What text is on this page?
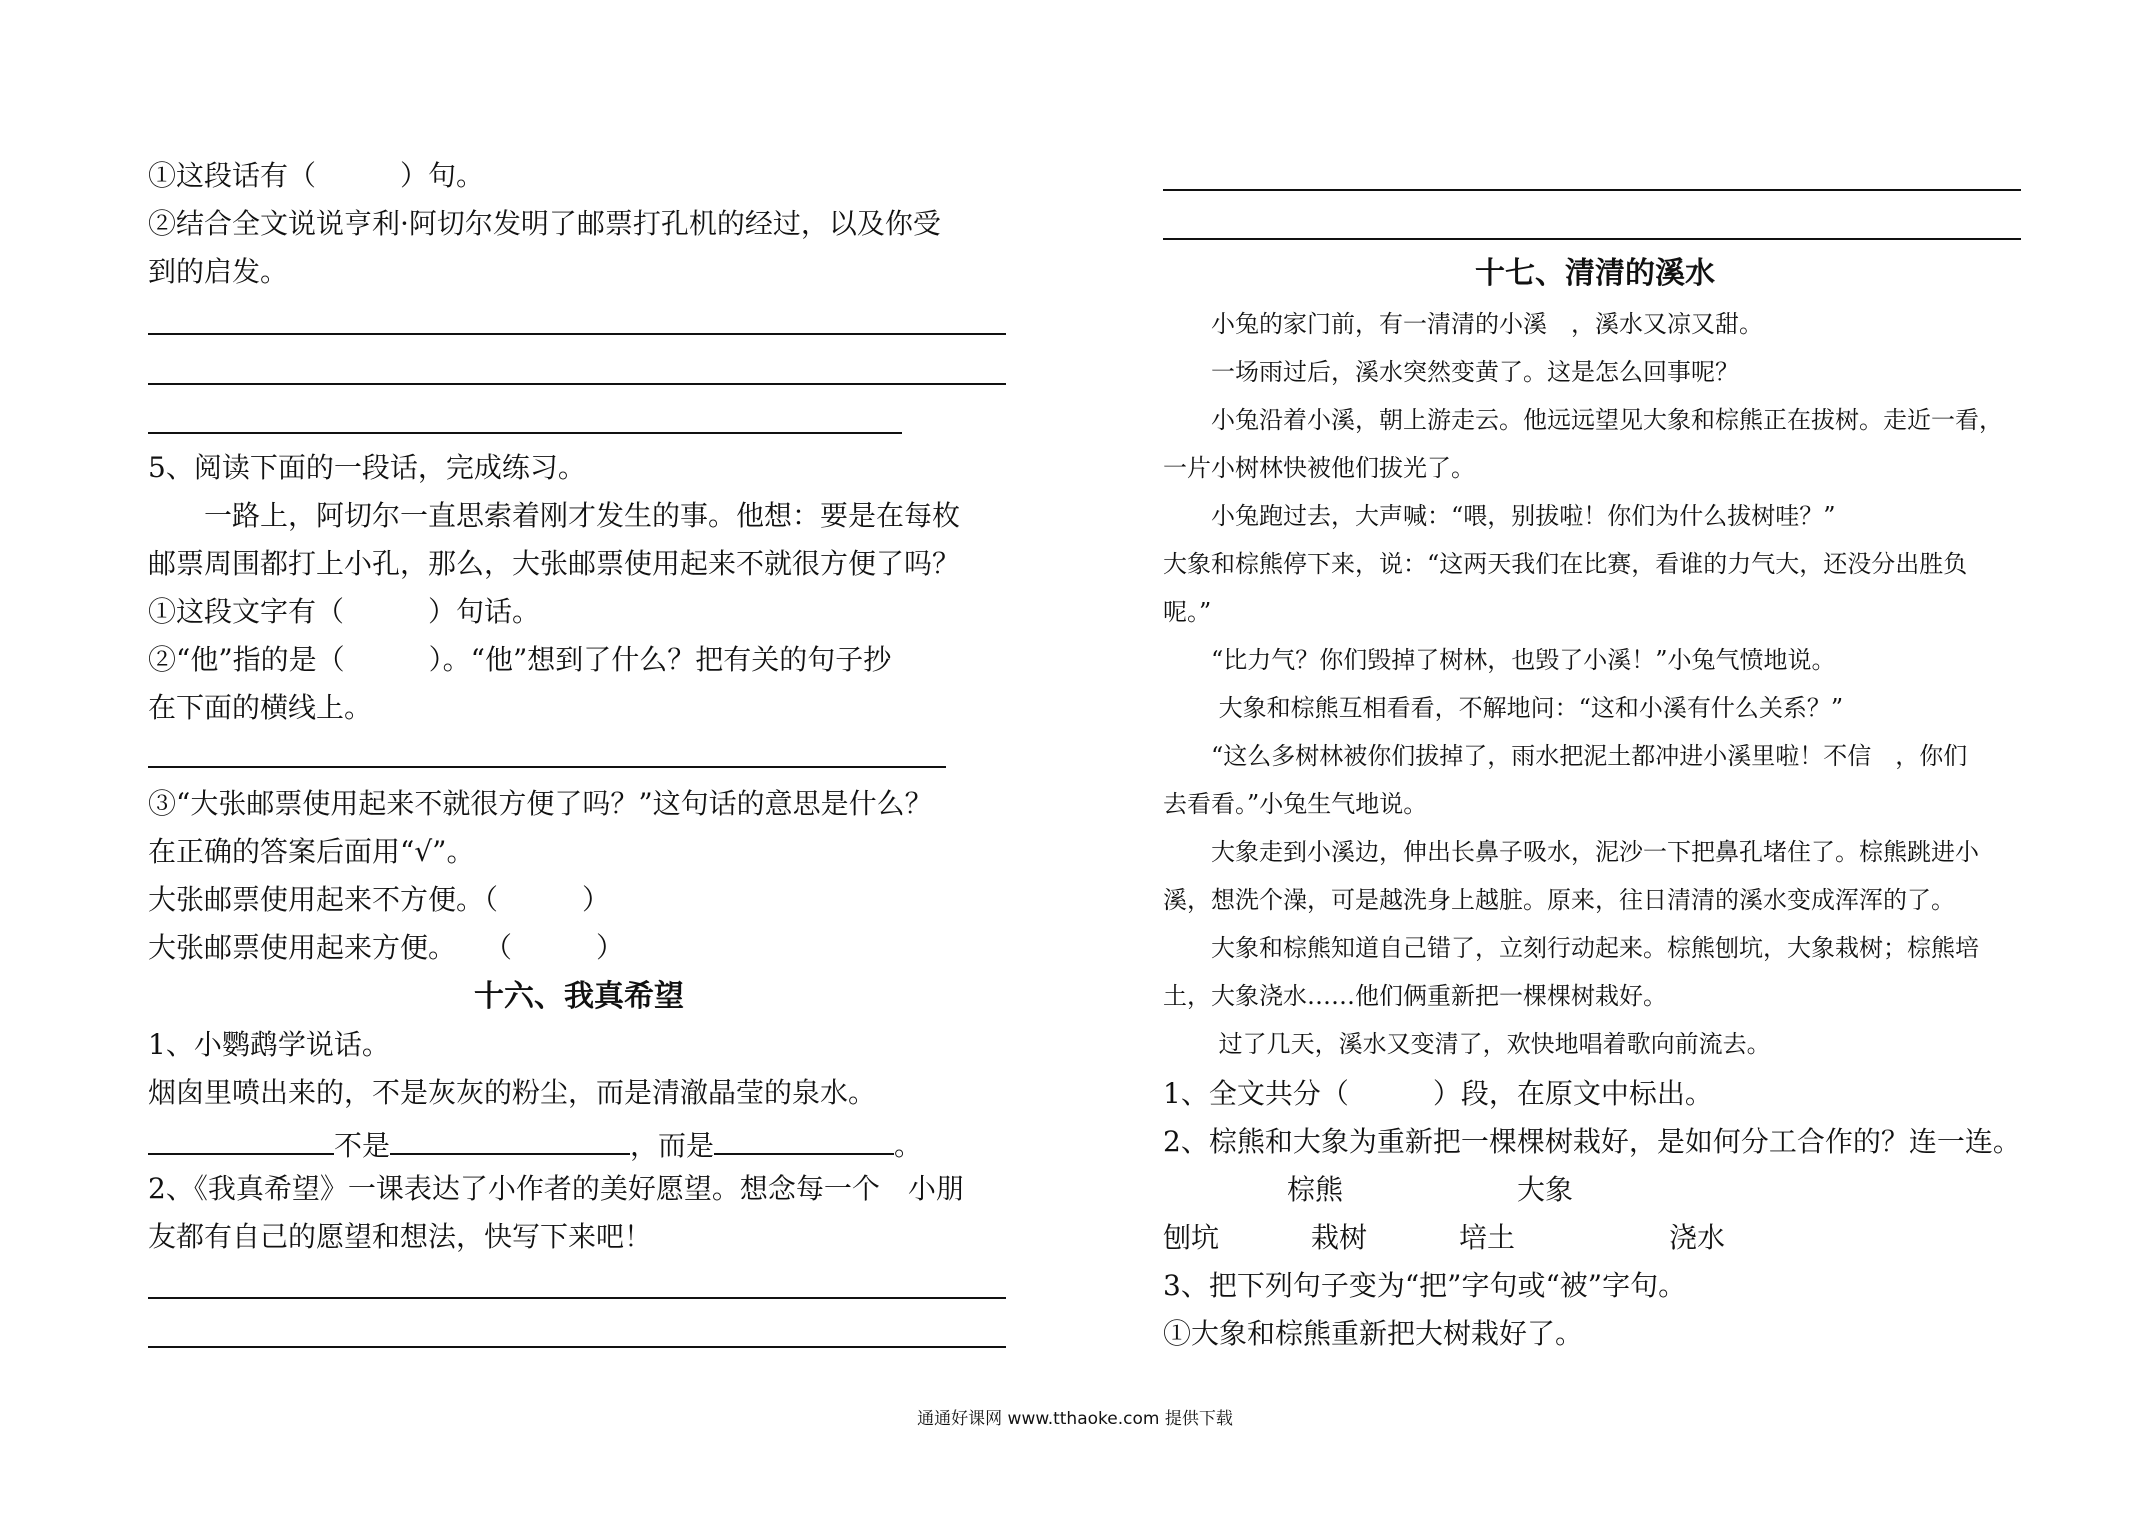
①这段话有（　　　）句。
②结合全文说说亨利·阿切尔发明了邮票打孔机的经过，以及你受
到的启发。
5、阅读下面的一段话，完成练习。
　　一路上，阿切尔一直思索着刚才发生的事。他想：要是在每枚
邮票周围都打上小孔，那么，大张邮票使用起来不就很方便了吗？
①这段文字有（　　　）句话。
②“他”指的是（　　　）。“他”想到了什么？把有关的句子抄
在下面的横线上。
③“大张邮票使用起来不就很方便了吗？”这句话的意思是什么？
在正确的答案后面用“√”。
大张邮票使用起来不方便。（　　　）
大张邮票使用起来方便。　　（　　　）
十六、我真希望
1、小鹦鹉学说话。
烟囱里喷出来的，不是灰灰的粉尘，而是清澈晶莹的泉水。
不是	，而是	。
2、《我真希望》一课表达了小作者的美好愿望。想念每一个　小朋
友都有自己的愿望和想法，快写下来吧！
十七、清清的溪水
　　小兔的家门前，有一清清的小溪　，溪水又凉又甜。
　　一场雨过后，溪水突然变黄了。这是怎么回事呢？
　　小兔沿着小溪，朝上游走云。他远远望见大象和棕熊正在拔树。走近一看，
一片小树林快被他们拔光了。
　　小兔跑过去，大声喊：“喂，别拔啦！你们为什么拔树哇？”
大象和棕熊停下来，说：“这两天我们在比赛，看谁的力气大，还没分出胜负
呢。”
　　“比力气？你们毁掉了树林，也毁了小溪！”小兔气愤地说。
　　 大象和棕熊互相看看，不解地问：“这和小溪有什么关系？”
　　“这么多树林被你们拔掉了，雨水把泥土都冲进小溪里啦！不信　，你们
去看看。”小兔生气地说。
　　大象走到小溪边，伸出长鼻子吸水，泥沙一下把鼻孔堵住了。棕熊跳进小
溪，想洗个澡，可是越洗身上越脏。原来，往日清清的溪水变成浑浑的了。
　　大象和棕熊知道自己错了，立刻行动起来。棕熊刨坑，大象栽树；棕熊培
土，大象浇水……他们俩重新把一棵棵树栽好。
　　 过了几天，溪水又变清了，欢快地唱着歌向前流去。
1、全文共分（　　　）段，在原文中标出。
2、棕熊和大象为重新把一棵棵树栽好，是如何分工合作的？连一连。
棕熊	大象
刨坑	栽树	培土	浇水
3、把下列句子变为“把”字句或“被”字句。
①大象和棕熊重新把大树栽好了。
通通好课网 www.tthaoke.com 提供下载
